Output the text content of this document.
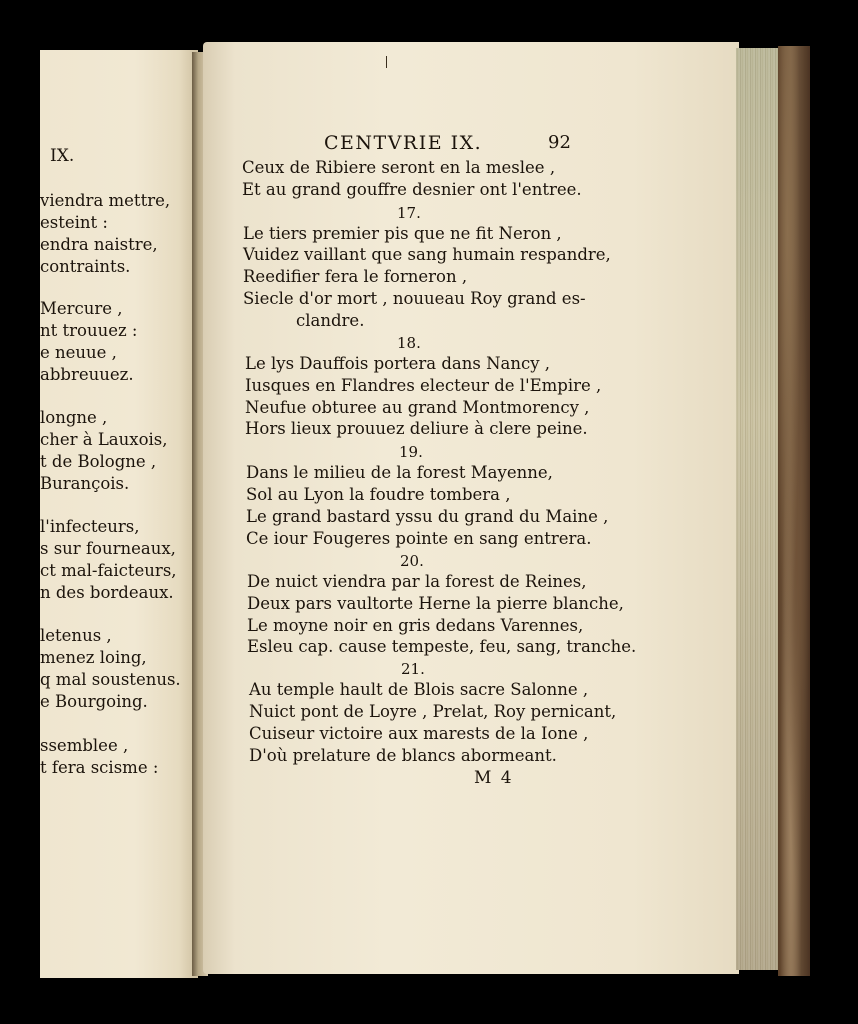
IX.
viendra mettre,
esteint :
endra naistre,
contraints.
Mercure ,
nt trouuez :
e neuue ,
abbreuuez.
longne ,
cher à Lauxois,
t de Bologne ,
Burançois.
l'infecteurs,
s sur fourneaux,
ct mal-faicteurs,
n des bordeaux.
letenus ,
menez loing,
q mal soustenus.
e Bourgoing.
ssemblee ,
t fera scisme :
CENTVRIE IX.	92
Ceux de Ribiere seront en la meslee ,
Et au grand gouffre desnier ont l'entree.
17.
Le tiers premier pis que ne fit Neron ,
Vuidez vaillant que sang humain respandre,
Reedifier fera le forneron ,
Siecle d'or mort , nouueau Roy grand es-
clandre.
18.
Le lys Dauffois portera dans Nancy ,
Iusques en Flandres electeur de l'Empire ,
Neufue obturee au grand Montmorency ,
Hors lieux prouuez deliure à clere peine.
19.
Dans le milieu de la forest Mayenne,
Sol au Lyon la foudre tombera ,
Le grand bastard yssu du grand du Maine ,
Ce iour Fougeres pointe en sang entrera.
20.
De nuict viendra par la forest de Reines,
Deux pars vaultorte Herne la pierre blanche,
Le moyne noir en gris dedans Varennes,
Esleu cap. cause tempeste, feu, sang, tranche.
21.
Au temple hault de Blois sacre Salonne ,
Nuict pont de Loyre , Prelat, Roy pernicant,
Cuiseur victoire aux marests de la Ione ,
D'où prelature de blancs abormeant.
M 4
